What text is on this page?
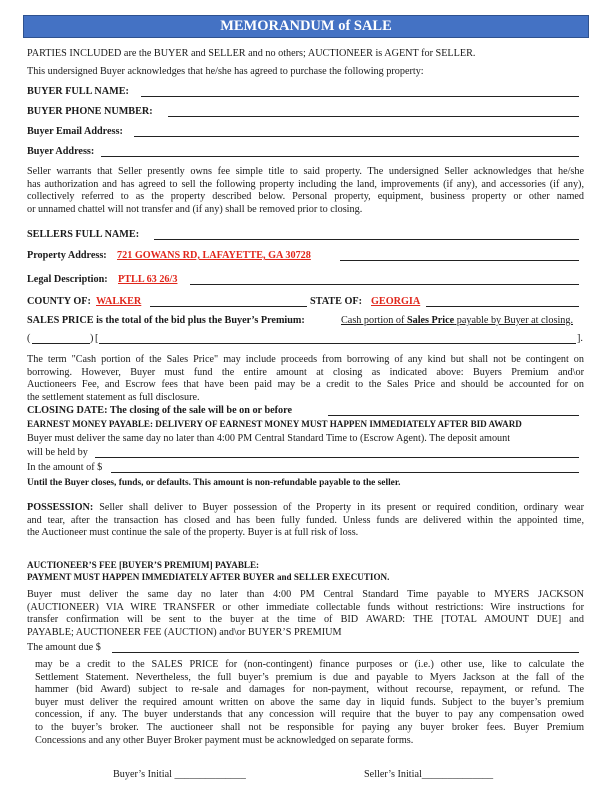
MEMORANDUM of SALE
PARTIES INCLUDED are the BUYER and SELLER and no others; AUCTIONEER is AGENT for SELLER.
This undersigned Buyer acknowledges that he/she has agreed to purchase the following property:
BUYER FULL NAME:
BUYER PHONE NUMBER:
Buyer Email Address:
Buyer Address:
Seller warrants that Seller presently owns fee simple title to said property. The undersigned Seller acknowledges that he/she
has authorization and has agreed to sell the following property including the land, improvements (if any), and accessories (if any),
collectively referred to as the property described below. Personal property, equipment, business property or other named
or unnamed chattel will not transfer and (if any) shall be removed prior to closing.
SELLERS FULL NAME:
Property Address: 721 GOWANS RD, LAFAYETTE, GA 30728
Legal Description: PTLL 63 26/3
COUNTY OF: WALKER	STATE OF: GEORGIA
SALES PRICE is the total of the bid plus the Buyer’s Premium:	Cash portion of Sales Price payable by Buyer at closing.
(	) [	].
The term "Cash portion of the Sales Price" may include proceeds from borrowing of any kind but shall not be contingent on
borrowing. However, Buyer must fund the entire amount at closing as indicated above: Buyers Premium and\or
Auctioneers Fee, and Escrow fees that have been paid may be a credit to the Sales Price and should be accounted for on
the settlement statement as full disclosure.
CLOSING DATE: The closing of the sale will be on or before
EARNEST MONEY PAYABLE: DELIVERY OF EARNEST MONEY MUST HAPPEN IMMEDIATELY AFTER BID AWARD
Buyer must deliver the same day no later than 4:00 PM Central Standard Time to (Escrow Agent). The deposit amount
will be held by
In the amount of $
Until the Buyer closes, funds, or defaults. This amount is non-refundable payable to the seller.
POSSESSION: Seller shall deliver to Buyer possession of the Property in its present or required condition, ordinary wear
and tear, after the transaction has closed and has been fully funded. Unless funds are delivered within the appointed time,
the Auctioneer must continue the sale of the property. Buyer is at full risk of loss.
AUCTIONEER’S FEE [BUYER’S PREMIUM] PAYABLE:
PAYMENT MUST HAPPEN IMMEDIATELY AFTER BUYER and SELLER EXECUTION.
Buyer must deliver the same day no later than 4:00 PM Central Standard Time payable to MYERS JACKSON
(AUCTIONEER) VIA WIRE TRANSFER or other immediate collectable funds without restrictions: Wire instructions for
transfer confirmation will be sent to the buyer at the time of BID AWARD: THE [TOTAL AMOUNT DUE] and
PAYABLE; AUCTIONEER FEE (AUCTION) and\or BUYER’S PREMIUM
The amount due $
may be a credit to the SALES PRICE for (non-contingent) finance purposes or (i.e.) other use, like to calculate the
Settlement Statement. Nevertheless, the full buyer’s premium is due and payable to Myers Jackson at the fall of the
hammer (bid Award) subject to re-sale and damages for non-payment, without recourse, repayment, or refund. The
buyer must deliver the required amount written on above the same day in liquid funds. Subject to the buyer’s premium
concession, if any. The buyer understands that any concession will require that the buyer to pay any compensation owed
to the buyer’s broker. The auctioneer shall not be responsible for paying any buyer broker fees. Buyer Premium
Concessions and any other Buyer Broker payment must be acknowledged on separate forms.
Buyer’s Initial ______________	Seller’s Initial______________
